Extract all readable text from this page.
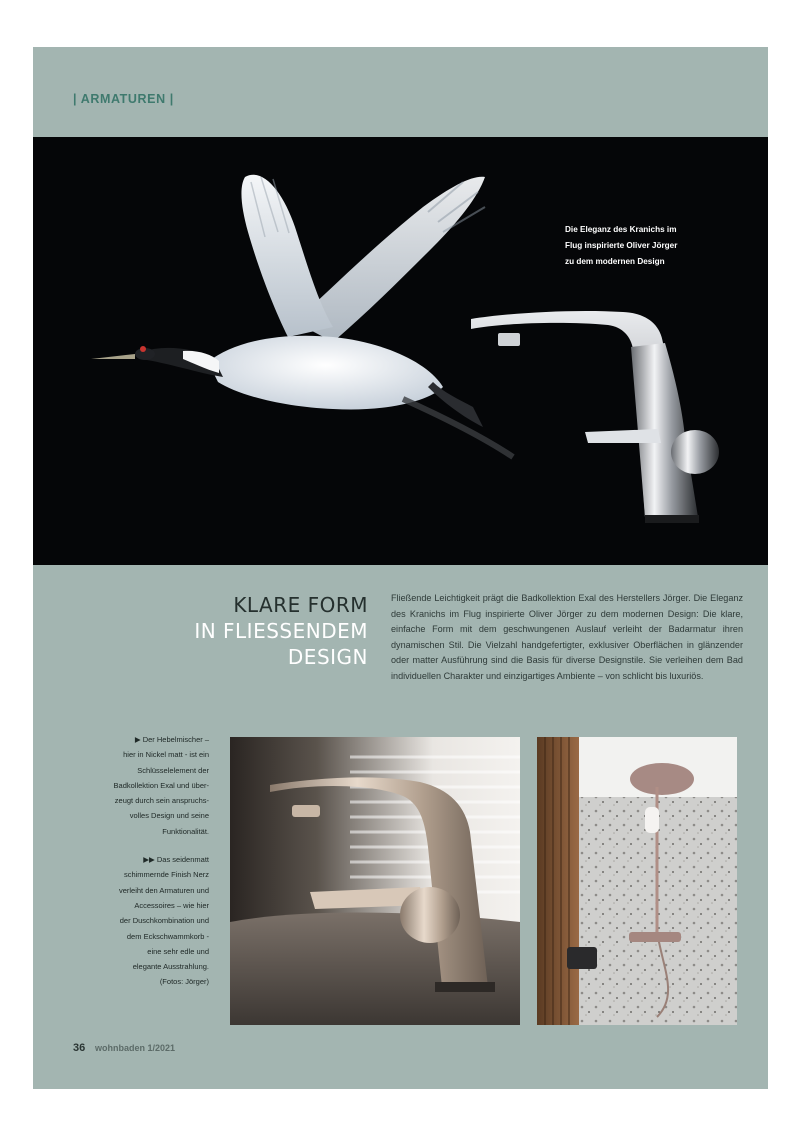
| ARMATUREN |
Die Eleganz des Kranichs im
Flug inspirierte Oliver Jörger
zu dem modernen Design
KLARE FORM
IN FLIESSENDEM
DESIGN
Fließende Leichtigkeit prägt die Badkollektion Exal des Herstellers Jörger. Die Eleganz des Kranichs im Flug inspirierte Oliver Jörger zu dem modernen Design: Die klare, einfache Form mit dem geschwungenen Auslauf verleiht der Badarmatur ihren dynamischen Stil. Die Vielzahl handgefertigter, exklusiver Oberflächen in glänzender oder matter Ausführung sind die Basis für diverse Designstile. Sie verleihen dem Bad individuellen Charakter und einzigartiges Ambiente – von schlicht bis luxuriös.

▶ Der Hebelmischer –
hier in Nickel matt - ist ein
Schlüsselelement der
Badkollektion Exal und über-
zeugt durch sein anspruchs-
volles Design und seine
Funktionalität.

▶▶ Das seidenmatt
schimmernde Finish Nerz
verleiht den Armaturen und
Accessoires – wie hier
der Duschkombination und
dem Eckschwammkorb -
eine sehr edle und
elegante Ausstrahlung.
(Fotos: Jörger)

36 wohnbaden 1/2021
